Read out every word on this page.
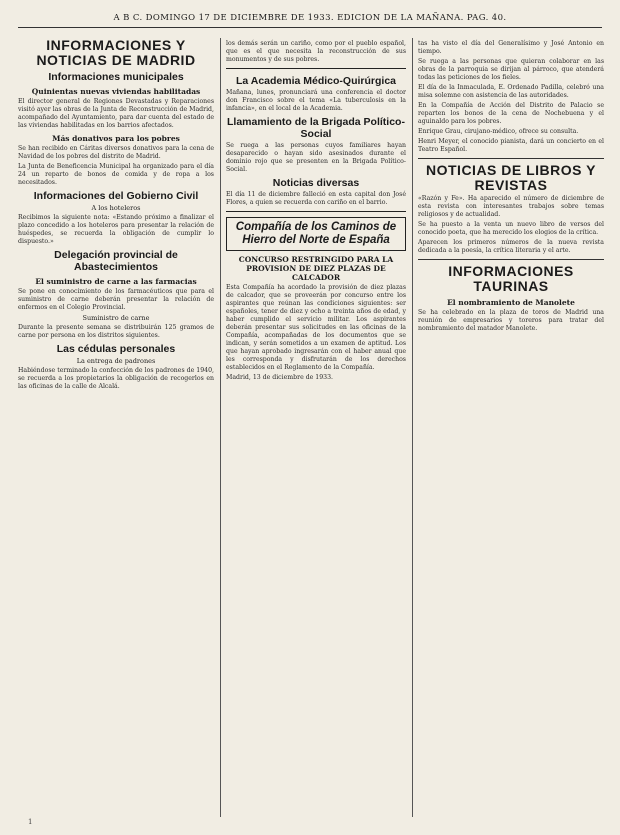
A B C. DOMINGO 17 DE DICIEMBRE DE 1933. EDICION DE LA MAÑANA. PAG. 40.
INFORMACIONES Y NOTICIAS DE MADRID
Informaciones municipales
Quinientas nuevas viviendas habilitadas

El director general de Regiones Devastadas y Reparaciones visitó ayer las obras de la Junta de Reconstrucción de Madrid, acompañado del Ayuntamiento, para dar cuenta del estado de las viviendas habilitadas en los barrios afectados.

Más donativos para los pobres

Se han recibido en Cáritas diversos donativos para la cena de Navidad de los pobres del distrito de Madrid.

La Junta de Beneficencia Municipal ha organizado para el día 24 un reparto de bonos de comida y de ropa a los necesitados.

Informaciones del Gobierno Civil
A los hoteleros

Recibimos la siguiente nota: «Estando próximo a finalizar el plazo concedido a los hoteleros para presentar la relación de huéspedes, se recuerda la obligación de cumplir lo dispuesto.»

Delegación provincial de Abastecimientos
El suministro de carne a las farmacias

Se pone en conocimiento de los farmacéuticos que para el suministro de carne deberán presentar la relación de enfermos en el Colegio Provincial.

Suministro de carne

Durante la presente semana se distribuirán 125 gramos de carne por persona en los distritos siguientes.

Las cédulas personales
La entrega de padrones

Habiéndose terminado la confección de los padrones de 1940, se recuerda a los propietarios la obligación de recogerlos en las oficinas de la calle de Alcalá.

los demás serán un cariño, como por el pueblo español, que es el que necesita la reconstrucción de sus monumentos y de sus pobres.

La Academia Médico-Quirúrgica

Mañana, lunes, pronunciará una conferencia el doctor don Francisco sobre el tema «La tuberculosis en la infancia», en el local de la Academia.

Llamamiento de la Brigada Político-Social

Se ruega a las personas cuyos familiares hayan desaparecido o hayan sido asesinados durante el dominio rojo que se presenten en la Brigada Político-Social.

Noticias diversas

El día 11 de diciembre falleció en esta capital don José Flores, a quien se recuerda con cariño en el barrio.

Compañía de los Caminos de Hierro del Norte de España
CONCURSO RESTRINGIDO PARA LA PROVISION DE DIEZ PLAZAS DE CALCADOR

Esta Compañía ha acordado la provisión de diez plazas de calcador, que se proveerán por concurso entre los aspirantes que reúnan las condiciones siguientes: ser españoles, tener de diez y ocho a treinta años de edad, y haber cumplido el servicio militar. Los aspirantes deberán presentar sus solicitudes en las oficinas de la Compañía, acompañadas de los documentos que se indican, y serán sometidos a un examen de aptitud. Los que hayan aprobado ingresarán con el haber anual que les corresponda y disfrutarán de los derechos establecidos en el Reglamento de la Compañía.

Madrid, 13 de diciembre de 1933.

tas ha visto el día del Generalísimo y José Antonio en tiempo.

Se ruega a las personas que quieran colaborar en las obras de la parroquia se dirijan al párroco, que atenderá todas las peticiones de los fieles.

El día de la Inmaculada, E. Ordenado Padilla, celebró una misa solemne con asistencia de las autoridades.

En la Compañía de Acción del Distrito de Palacio se reparten los bonos de la cena de Nochebuena y el aguinaldo para los pobres.

Enrique Grau, cirujano-médico, ofrece su consulta.

Henri Meyer, el conocido pianista, dará un concierto en el Teatro Español.

NOTICIAS DE LIBROS Y REVISTAS

«Razón y Fe». Ha aparecido el número de diciembre de esta revista con interesantes trabajos sobre temas religiosos y de actualidad.

Se ha puesto a la venta un nuevo libro de versos del conocido poeta, que ha merecido los elogios de la crítica.

Aparecen los primeros números de la nueva revista dedicada a la poesía, la crítica literaria y el arte.

INFORMACIONES TAURINAS
El nombramiento de Manolete

Se ha celebrado en la plaza de toros de Madrid una reunión de empresarios y toreros para tratar del nombramiento del matador Manolete.

1
